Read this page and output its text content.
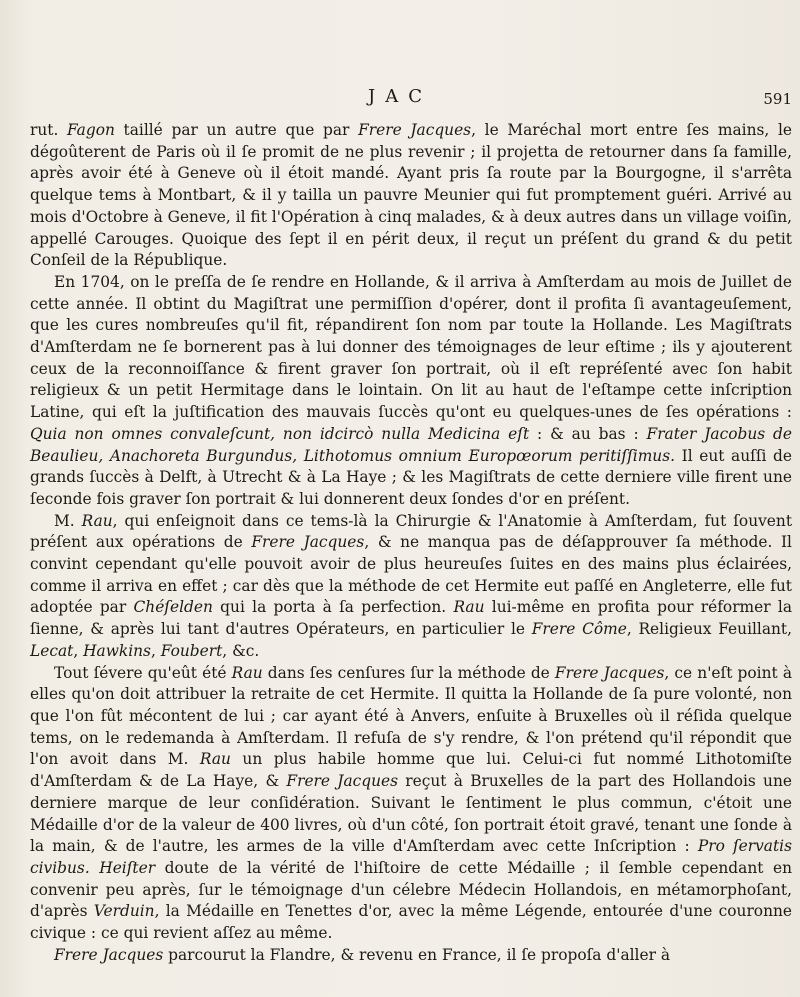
JAC	591

rut. Fagon taillé par un autre que par Frere Jacques, le Maréchal mort entre ſes mains, le dégoûterent de Paris où il ſe promit de ne plus revenir ; il projetta de retourner dans ſa famille, après avoir été à Geneve où il étoit mandé. Ayant pris ſa route par la Bourgogne, il s'arrêta quelque tems à Montbart, & il y tailla un pauvre Meunier qui fut promptement guéri. Arrivé au mois d'Octobre à Geneve, il fit l'Opération à cinq malades, & à deux autres dans un village voiſin, appellé Carouges. Quoique des ſept il en périt deux, il reçut un préſent du grand & du petit Conſeil de la République.

En 1704, on le preſſa de ſe rendre en Hollande, & il arriva à Amſterdam au mois de Juillet de cette année. Il obtint du Magiſtrat une permiſſion d'opérer, dont il profita ſi avantageuſement, que les cures nombreuſes qu'il fit, répandirent ſon nom par toute la Hollande. Les Magiſtrats d'Amſterdam ne ſe bornerent pas à lui donner des témoignages de leur eſtime ; ils y ajouterent ceux de la reconnoiſſance & firent graver ſon portrait, où il eſt repréſenté avec ſon habit religieux & un petit Hermitage dans le lointain. On lit au haut de l'eſtampe cette inſcription Latine, qui eſt la juſtification des mauvais ſuccès qu'ont eu quelques-unes de ſes opérations : Quia non omnes convaleſcunt, non idcircò nulla Medicina eſt : & au bas : Frater Jacobus de Beaulieu, Anachoreta Burgundus, Lithotomus omnium Europœorum peritiſſimus. Il eut auſſi de grands ſuccès à Delft, à Utrecht & à La Haye ; & les Magiſtrats de cette derniere ville firent une ſeconde fois graver ſon portrait & lui donnerent deux ſondes d'or en préſent.

M. Rau, qui enſeignoit dans ce tems-là la Chirurgie & l'Anatomie à Amſterdam, fut ſouvent préſent aux opérations de Frere Jacques, & ne manqua pas de déſapprouver ſa méthode. Il convint cependant qu'elle pouvoit avoir de plus heureuſes ſuites en des mains plus éclairées, comme il arriva en effet ; car dès que la méthode de cet Hermite eut paſſé en Angleterre, elle fut adoptée par Chéſelden qui la porta à ſa perfection. Rau lui-même en profita pour réformer la ſienne, & après lui tant d'autres Opérateurs, en particulier le Frere Côme, Religieux Feuillant, Lecat, Hawkins, Foubert, &c.

Tout ſévere qu'eût été Rau dans ſes cenſures ſur la méthode de Frere Jacques, ce n'eſt point à elles qu'on doit attribuer la retraite de cet Hermite. Il quitta la Hollande de ſa pure volonté, non que l'on fût mécontent de lui ; car ayant été à Anvers, enſuite à Bruxelles où il réſida quelque tems, on le redemanda à Amſterdam. Il refuſa de s'y rendre, & l'on prétend qu'il répondit que l'on avoit dans M. Rau un plus habile homme que lui. Celui-ci fut nommé Lithotomiſte d'Amſterdam & de La Haye, & Frere Jacques reçut à Bruxelles de la part des Hollandois une derniere marque de leur conſidération. Suivant le ſentiment le plus commun, c'étoit une Médaille d'or de la valeur de 400 livres, où d'un côté, ſon portrait étoit gravé, tenant une ſonde à la main, & de l'autre, les armes de la ville d'Amſterdam avec cette Inſcription : Pro ſervatis civibus. Heiſter doute de la vérité de l'hiſtoire de cette Médaille ; il ſemble cependant en convenir peu après, ſur le témoignage d'un célebre Médecin Hollandois, en métamorphoſant, d'après Verduin, la Médaille en Tenettes d'or, avec la même Légende, entourée d'une couronne civique : ce qui revient aſſez au même.

Frere Jacques parcourut la Flandre, & revenu en France, il ſe propoſa d'aller à
